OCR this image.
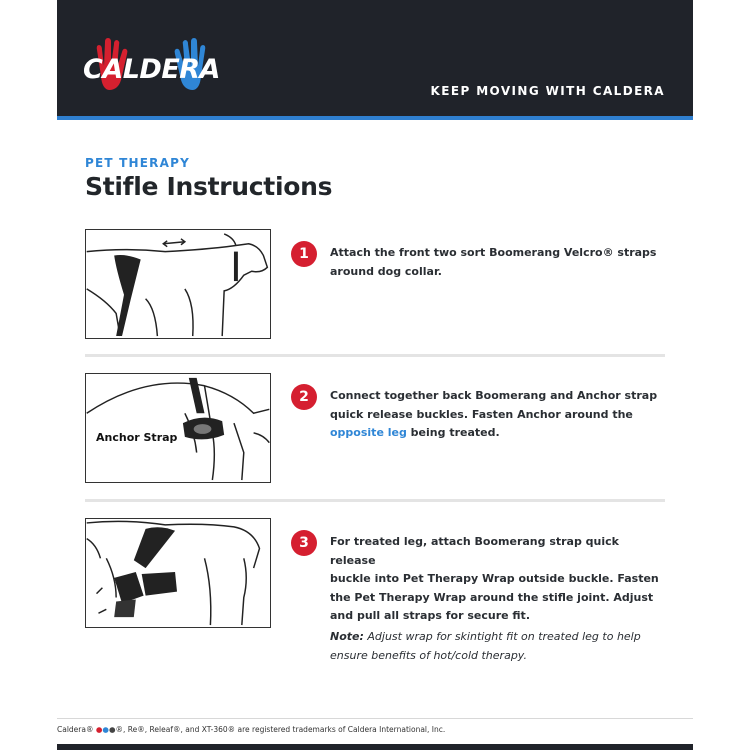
CALDERA
KEEP MOVING WITH CALDERA
PET THERAPY
Stifle Instructions
1	Attach the front two sort Boomerang Velcro® straps
around dog collar.
Anchor Strap
2	Connect together back Boomerang and Anchor strap
quick release buckles. Fasten Anchor around the
opposite leg being treated.
3	For treated leg, attach Boomerang strap quick release
buckle into Pet Therapy Wrap outside buckle. Fasten
the Pet Therapy Wrap around the stifle joint. Adjust
and pull all straps for secure fit.
Note: Adjust wrap for skintight fit on treated leg to help
ensure benefits of hot/cold therapy.
Caldera® ●●●®, Re®, Releaf®, and XT-360® are registered trademarks of Caldera International, Inc.
